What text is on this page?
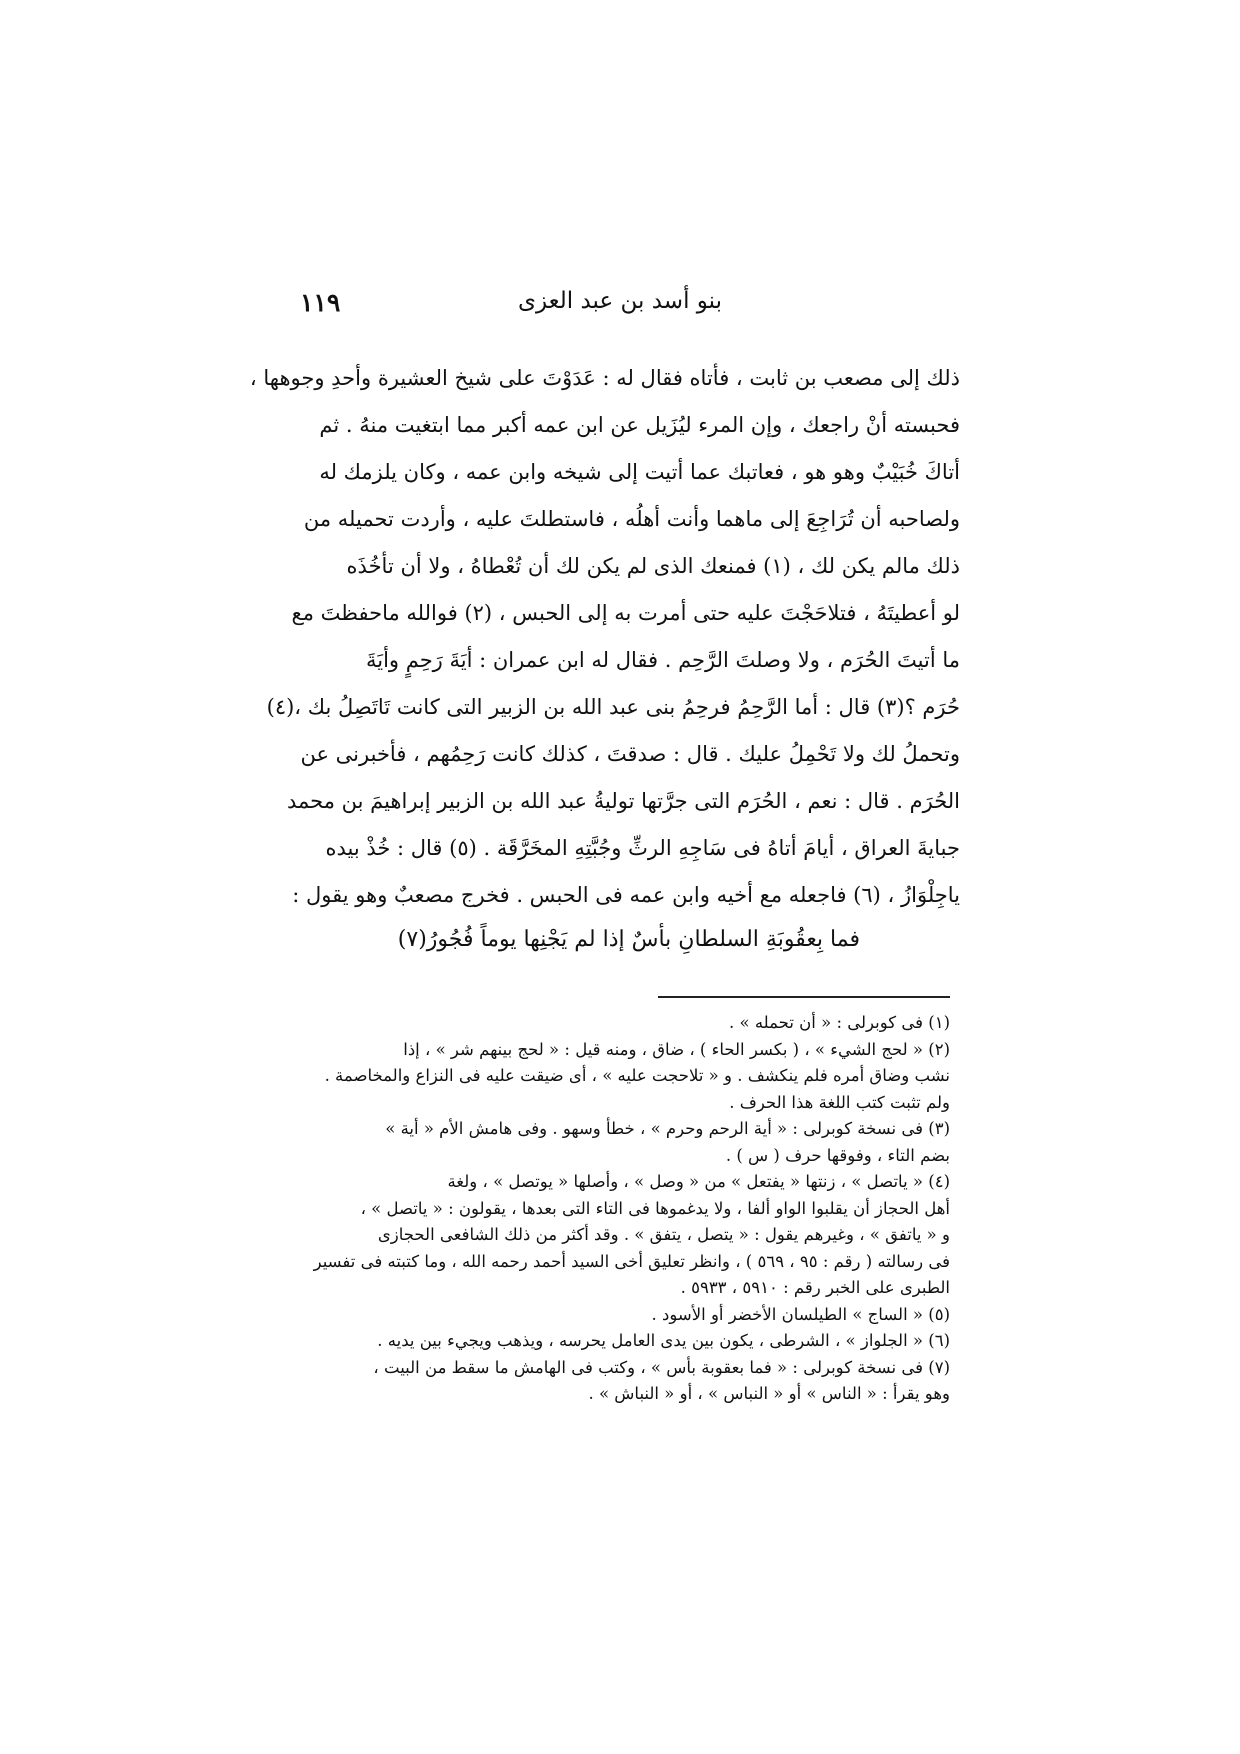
١١٩	بنو أسد بن عبد العزى
ذلك إلى مصعب بن ثابت ، فأتاه فقال له : عَدَوْتَ على شيخ العشيرة وأحدِ وجوهها ،
فحبسته أنْ راجعك ، وإن المرء ليُزَيل عن ابن عمه أكبر مما ابتغيت منهُ . ثم
أتاكَ خُبَيْبٌ وهو هو ، فعاتبك عما أتيت إلى شيخه وابن عمه ، وكان يلزمك له
ولصاحبه أن تُرَاجِعَ إلى ماهما وأنت أهلُه ، فاستطلتَ عليه ، وأردت تحميله من
ذلك مالم يكن لك ، (١) فمنعك الذى لم يكن لك أن تُعْطاهُ ، ولا أن تأخُذَه
لو أعطيتَهُ ، فتلاحَجْتَ عليه حتى أمرت به إلى الحبس ، (٢) فوالله ماحفظتَ مع
ما أتيتَ الحُرَم ، ولا وصلتَ الرَّحِم . فقال له ابن عمران : أيَةَ رَحِمٍ وأيَةَ
حُرَم ؟(٣) قال : أما الرَّحِمُ فرحِمُ بنى عبد الله بن الزبير التى كانت تَاتَصِلُ بك ،(٤)
وتحملُ لك ولا تَحْمِلُ عليك . قال : صدقتَ ، كذلك كانت رَحِمُهم ، فأخبرنى عن
الحُرَم . قال : نعم ، الحُرَم التى جرَّتها توليةُ عبد الله بن الزبير إبراهيمَ بن محمد
جبايةَ العراق ، أيامَ أتاهُ فى سَاجِهِ الرثِّ وجُبَّتِهِ المخَرَّقَة . (٥) قال : خُذْ بيده
ياجِلْوَازُ ، (٦) فاجعله مع أخيه وابن عمه فى الحبس . فخرج مصعبٌ وهو يقول :
فما بِعقُوبَةِ السلطانِ بأسٌ إذا لم يَجْنِها يوماً فُجُورُ(٧)
(١) فى كوبرلى : « أن تحمله » .
(٢) « لحج الشيء » ، ( بكسر الحاء ) ، ضاق ، ومنه قيل : « لحج بينهم شر » ، إذا
نشب وضاق أمره فلم ينكشف . و « تلاحجت عليه » ، أى ضيقت عليه فى النزاع والمخاصمة .
ولم تثبت كتب اللغة هذا الحرف .
(٣) فى نسخة كوبرلى : « أية الرحم وحرم » ، خطأ وسهو . وفى هامش الأم « أية »
بضم التاء ، وفوقها حرف ( س ) .
(٤) « ياتصل » ، زنتها « يفتعل » من « وصل » ، وأصلها « يوتصل » ، ولغة
أهل الحجاز أن يقلبوا الواو ألفا ، ولا يدغموها فى التاء التى بعدها ، يقولون : « ياتصل » ،
و « ياتفق » ، وغيرهم يقول : « يتصل ، يتفق » . وقد أكثر من ذلك الشافعى الحجازى
فى رسالته ( رقم : ٩٥ ، ٥٦٩ ) ، وانظر تعليق أخى السيد أحمد رحمه الله ، وما كتبته فى تفسير
الطبرى على الخبر رقم : ٥٩١٠ ، ٥٩٣٣ .
(٥) « الساج » الطيلسان الأخضر أو الأسود .
(٦) « الجلواز » ، الشرطى ، يكون بين يدى العامل يحرسه ، ويذهب ويجيء بين يديه .
(٧) فى نسخة كوبرلى : « فما بعقوبة بأس » ، وكتب فى الهامش ما سقط من البيت ،
وهو يقرأ : « الناس » أو « النباس » ، أو « النباش » .
